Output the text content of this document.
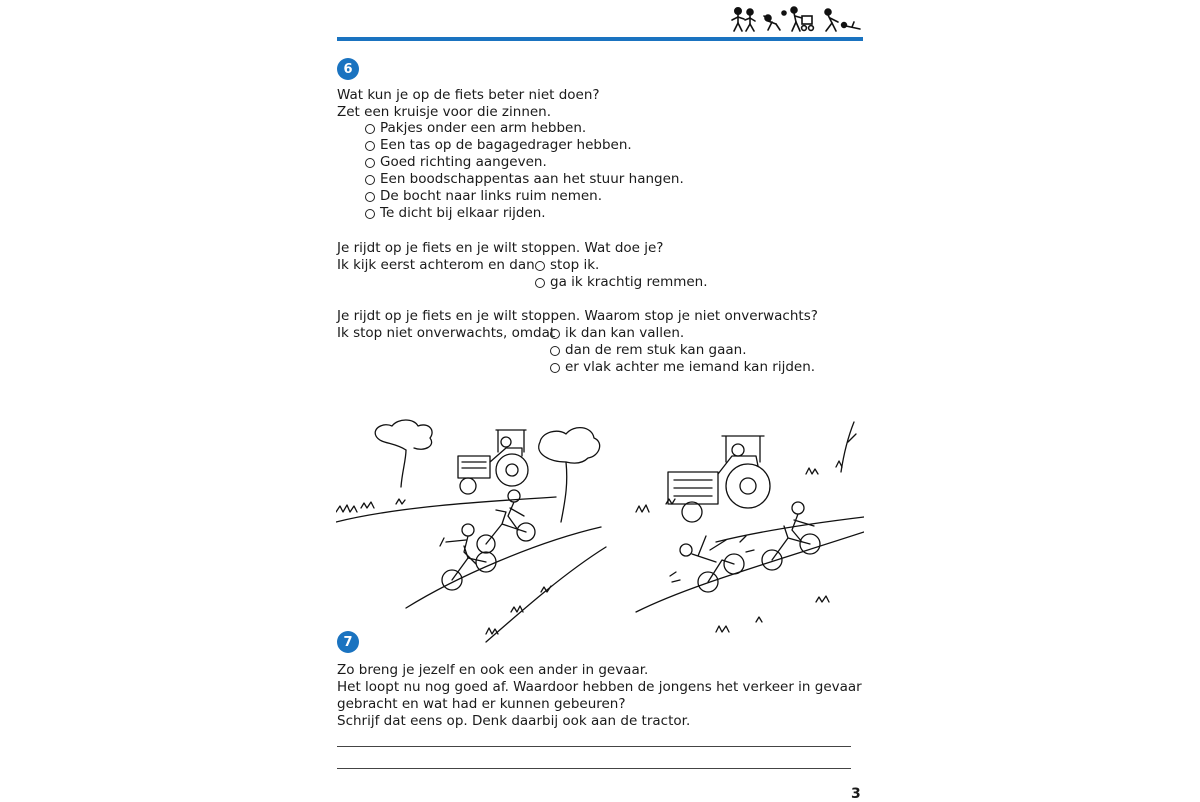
6
Wat kun je op de fiets beter niet doen?
Zet een kruisje voor die zinnen.
Pakjes onder een arm hebben.
Een tas op de bagagedrager hebben.
Goed richting aangeven.
Een boodschappentas aan het stuur hangen.
De bocht naar links ruim nemen.
Te dicht bij elkaar rijden.
Je rijdt op je fiets en je wilt stoppen. Wat doe je?
Ik kijk eerst achterom en dan stop ik.
ga ik krachtig remmen.
Je rijdt op je fiets en je wilt stoppen. Waarom stop je niet onverwachts?
Ik stop niet onverwachts, omdat ik dan kan vallen.
dan de rem stuk kan gaan.
er vlak achter me iemand kan rijden.
7
Zo breng je jezelf en ook een ander in gevaar.
Het loopt nu nog goed af. Waardoor hebben de jongens het verkeer in gevaar
gebracht en wat had er kunnen gebeuren?
Schrijf dat eens op. Denk daarbij ook aan de tractor.
3
